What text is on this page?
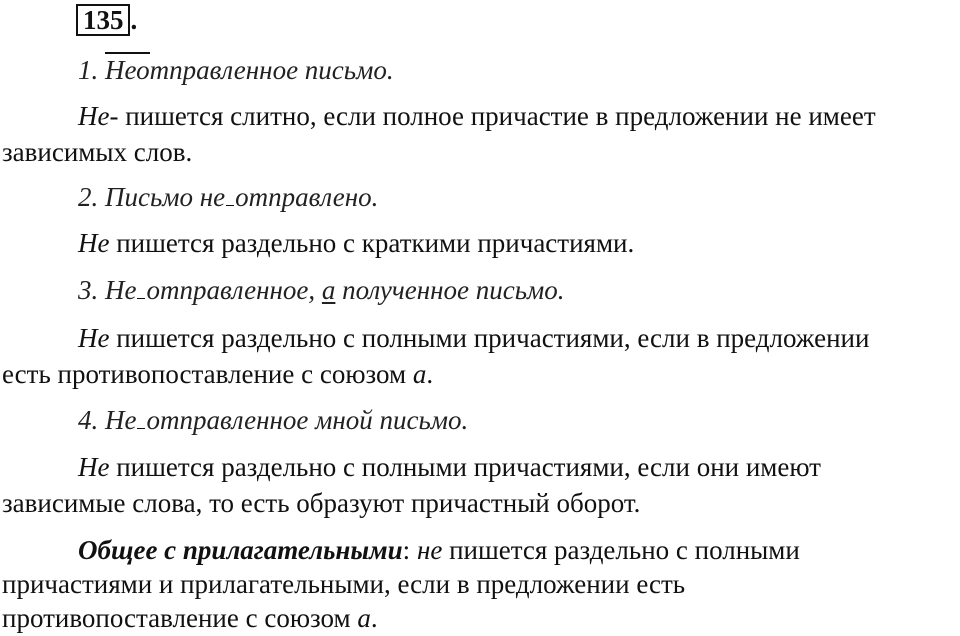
135 .
1. Неотправленное письмо.
Не- пишется слитно, если полное причастие в предложении не имеет
зависимых слов.
2. Письмо не отправлено.
Не пишется раздельно с краткими причастиями.
3. Не отправленное, а полученное письмо.
Не пишется раздельно с полными причастиями, если в предложении
есть противопоставление с союзом а.
4. Не отправленное мной письмо.
Не пишется раздельно с полными причастиями, если они имеют
зависимые слова, то есть образуют причастный оборот.
Общее с прилагательными: не пишется раздельно с полными
причастиями и прилагательными, если в предложении есть
противопоставление с союзом а.
